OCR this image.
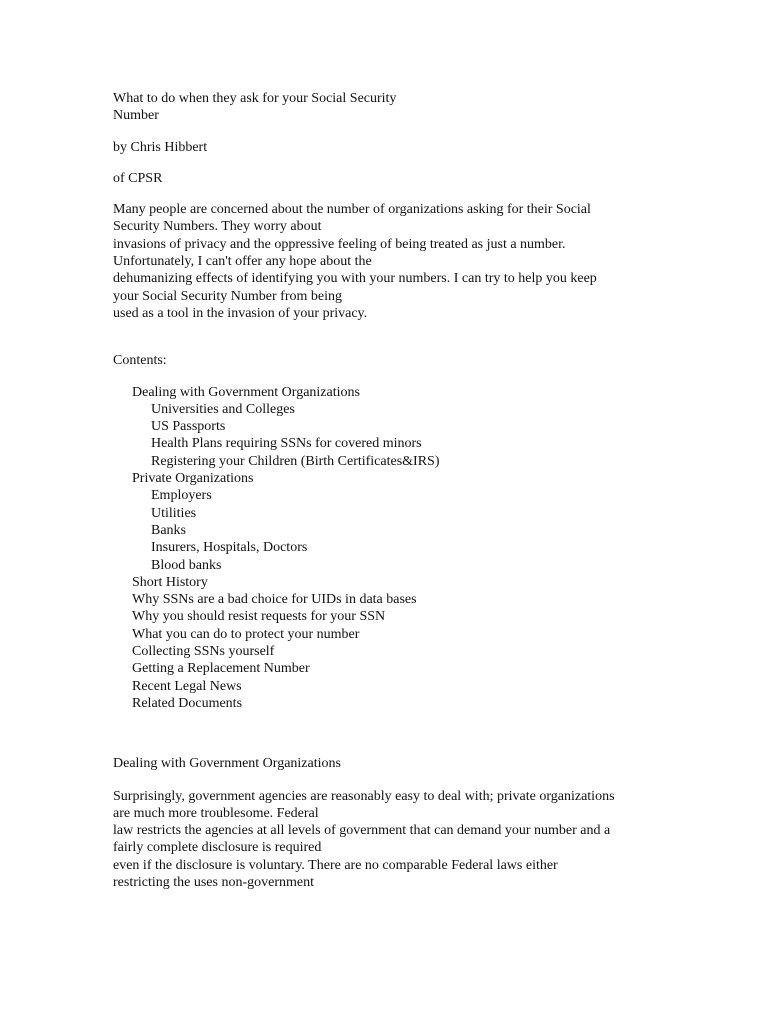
What to do when they ask for your Social Security
Number
by Chris Hibbert
of CPSR
Many people are concerned about the number of organizations asking for their Social
Security Numbers. They worry about
invasions of privacy and the oppressive feeling of being treated as just a number.
Unfortunately, I can't offer any hope about the
dehumanizing effects of identifying you with your numbers. I can try to help you keep
your Social Security Number from being
used as a tool in the invasion of your privacy.
Contents:
Dealing with Government Organizations
Universities and Colleges
US Passports
Health Plans requiring SSNs for covered minors
Registering your Children (Birth Certificates&IRS)
Private Organizations
Employers
Utilities
Banks
Insurers, Hospitals, Doctors
Blood banks
Short History
Why SSNs are a bad choice for UIDs in data bases
Why you should resist requests for your SSN
What you can do to protect your number
Collecting SSNs yourself
Getting a Replacement Number
Recent Legal News
Related Documents
Dealing with Government Organizations
Surprisingly, government agencies are reasonably easy to deal with; private organizations
are much more troublesome. Federal
law restricts the agencies at all levels of government that can demand your number and a
fairly complete disclosure is required
even if the disclosure is voluntary. There are no comparable Federal laws either
restricting the uses non-government
